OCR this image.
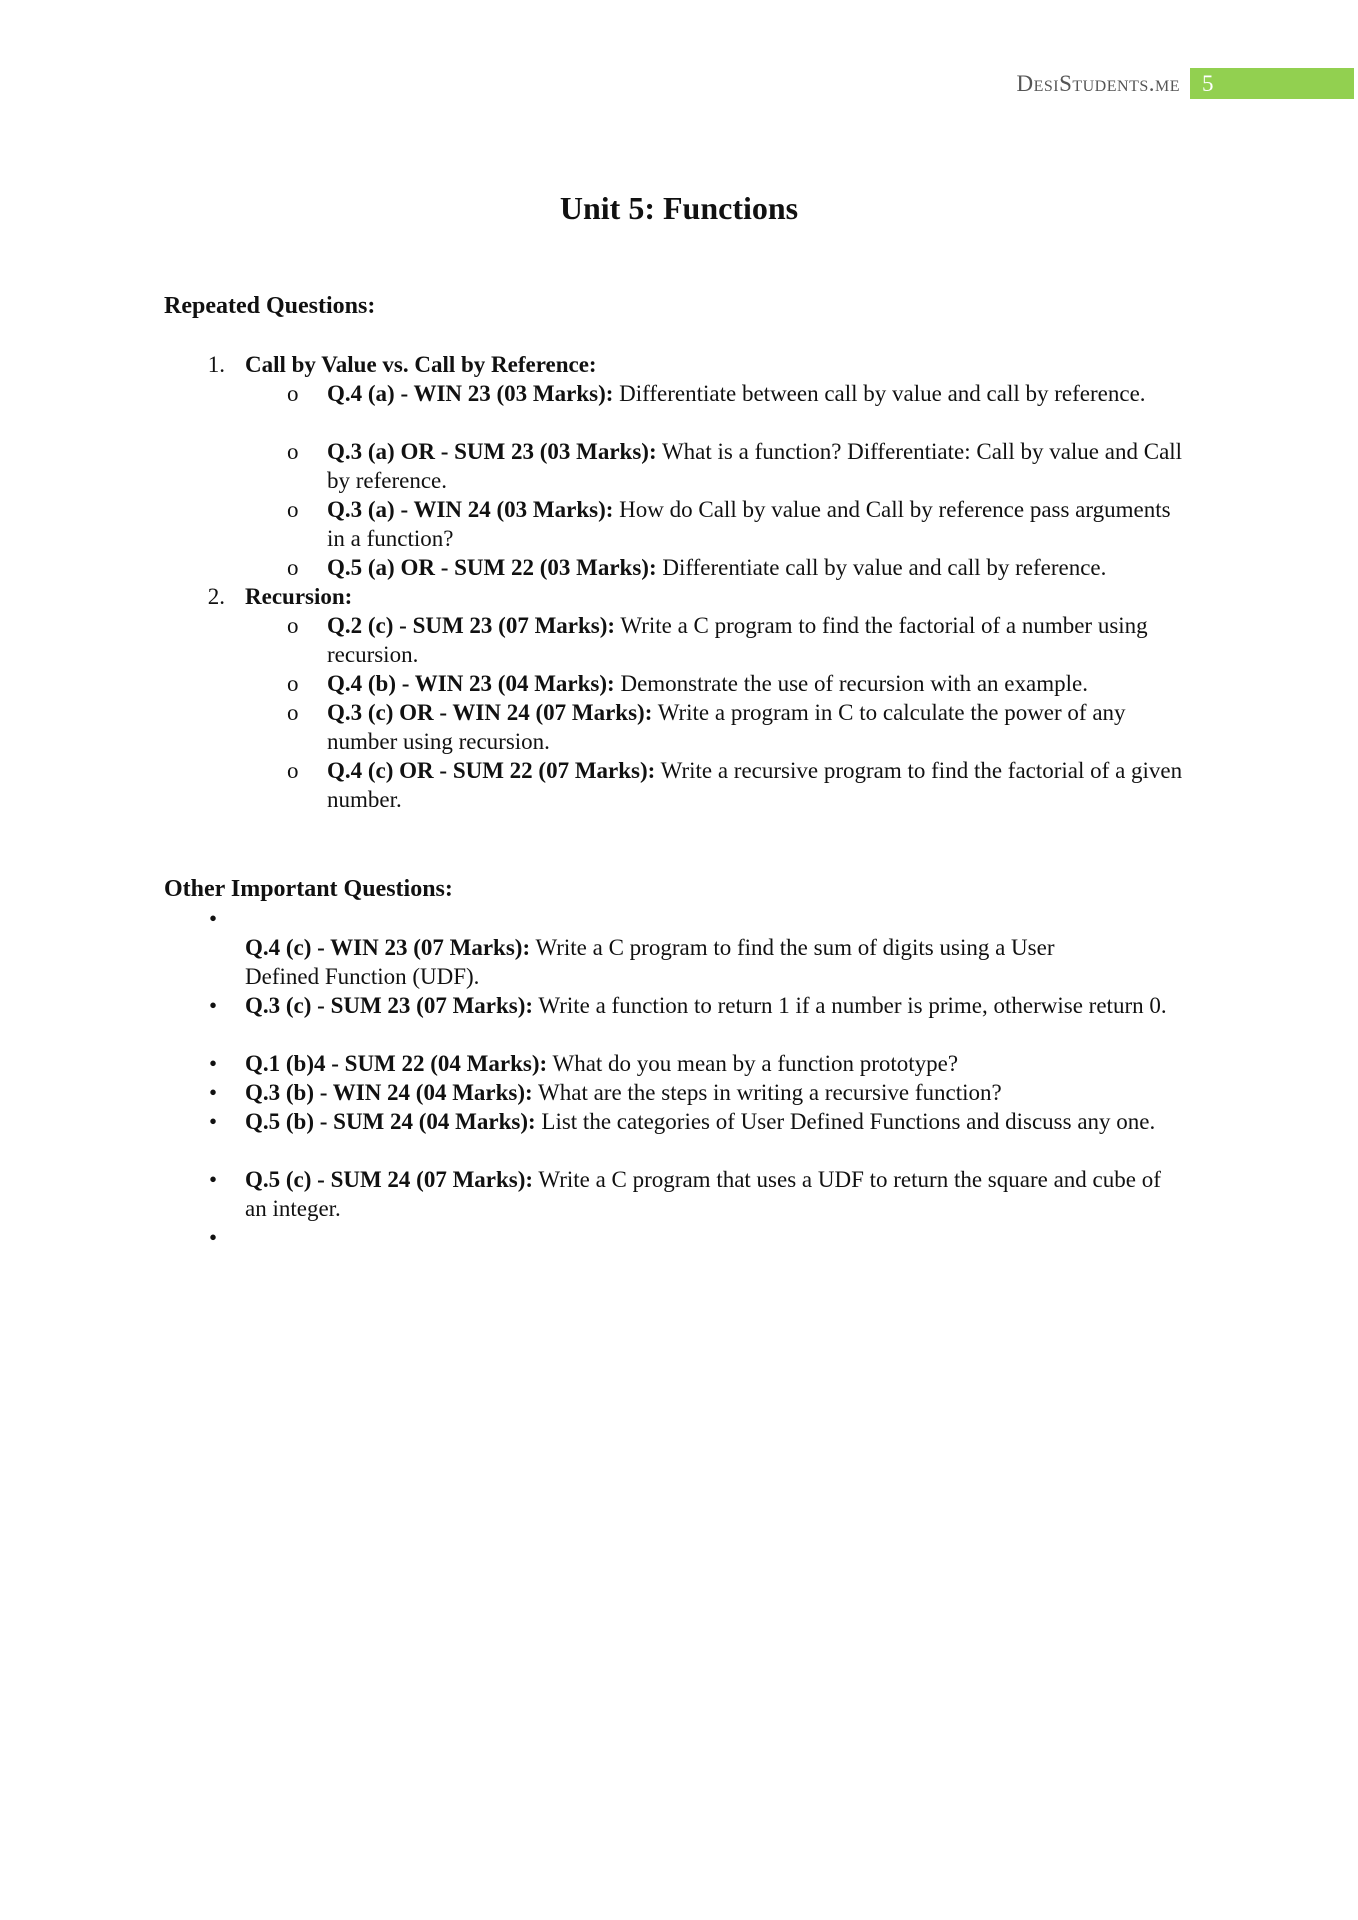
DesiStudents.me 5
Unit 5: Functions
Repeated Questions:
1. Call by Value vs. Call by Reference:
o Q.4 (a) - WIN 23 (03 Marks): Differentiate between call by value and call by reference.
o Q.3 (a) OR - SUM 23 (03 Marks): What is a function? Differentiate: Call by value and Call by reference.
o Q.3 (a) - WIN 24 (03 Marks): How do Call by value and Call by reference pass arguments in a function?
o Q.5 (a) OR - SUM 22 (03 Marks): Differentiate call by value and call by reference.
2. Recursion:
o Q.2 (c) - SUM 23 (07 Marks): Write a C program to find the factorial of a number using recursion.
o Q.4 (b) - WIN 23 (04 Marks): Demonstrate the use of recursion with an example.
o Q.3 (c) OR - WIN 24 (07 Marks): Write a program in C to calculate the power of any number using recursion.
o Q.4 (c) OR - SUM 22 (07 Marks): Write a recursive program to find the factorial of a given number.
Other Important Questions:
•
Q.4 (c) - WIN 23 (07 Marks): Write a C program to find the sum of digits using a User Defined Function (UDF).
• Q.3 (c) - SUM 23 (07 Marks): Write a function to return 1 if a number is prime, otherwise return 0.
• Q.1 (b)4 - SUM 22 (04 Marks): What do you mean by a function prototype?
• Q.3 (b) - WIN 24 (04 Marks): What are the steps in writing a recursive function?
• Q.5 (b) - SUM 24 (04 Marks): List the categories of User Defined Functions and discuss any one.
• Q.5 (c) - SUM 24 (07 Marks): Write a C program that uses a UDF to return the square and cube of an integer.
•
